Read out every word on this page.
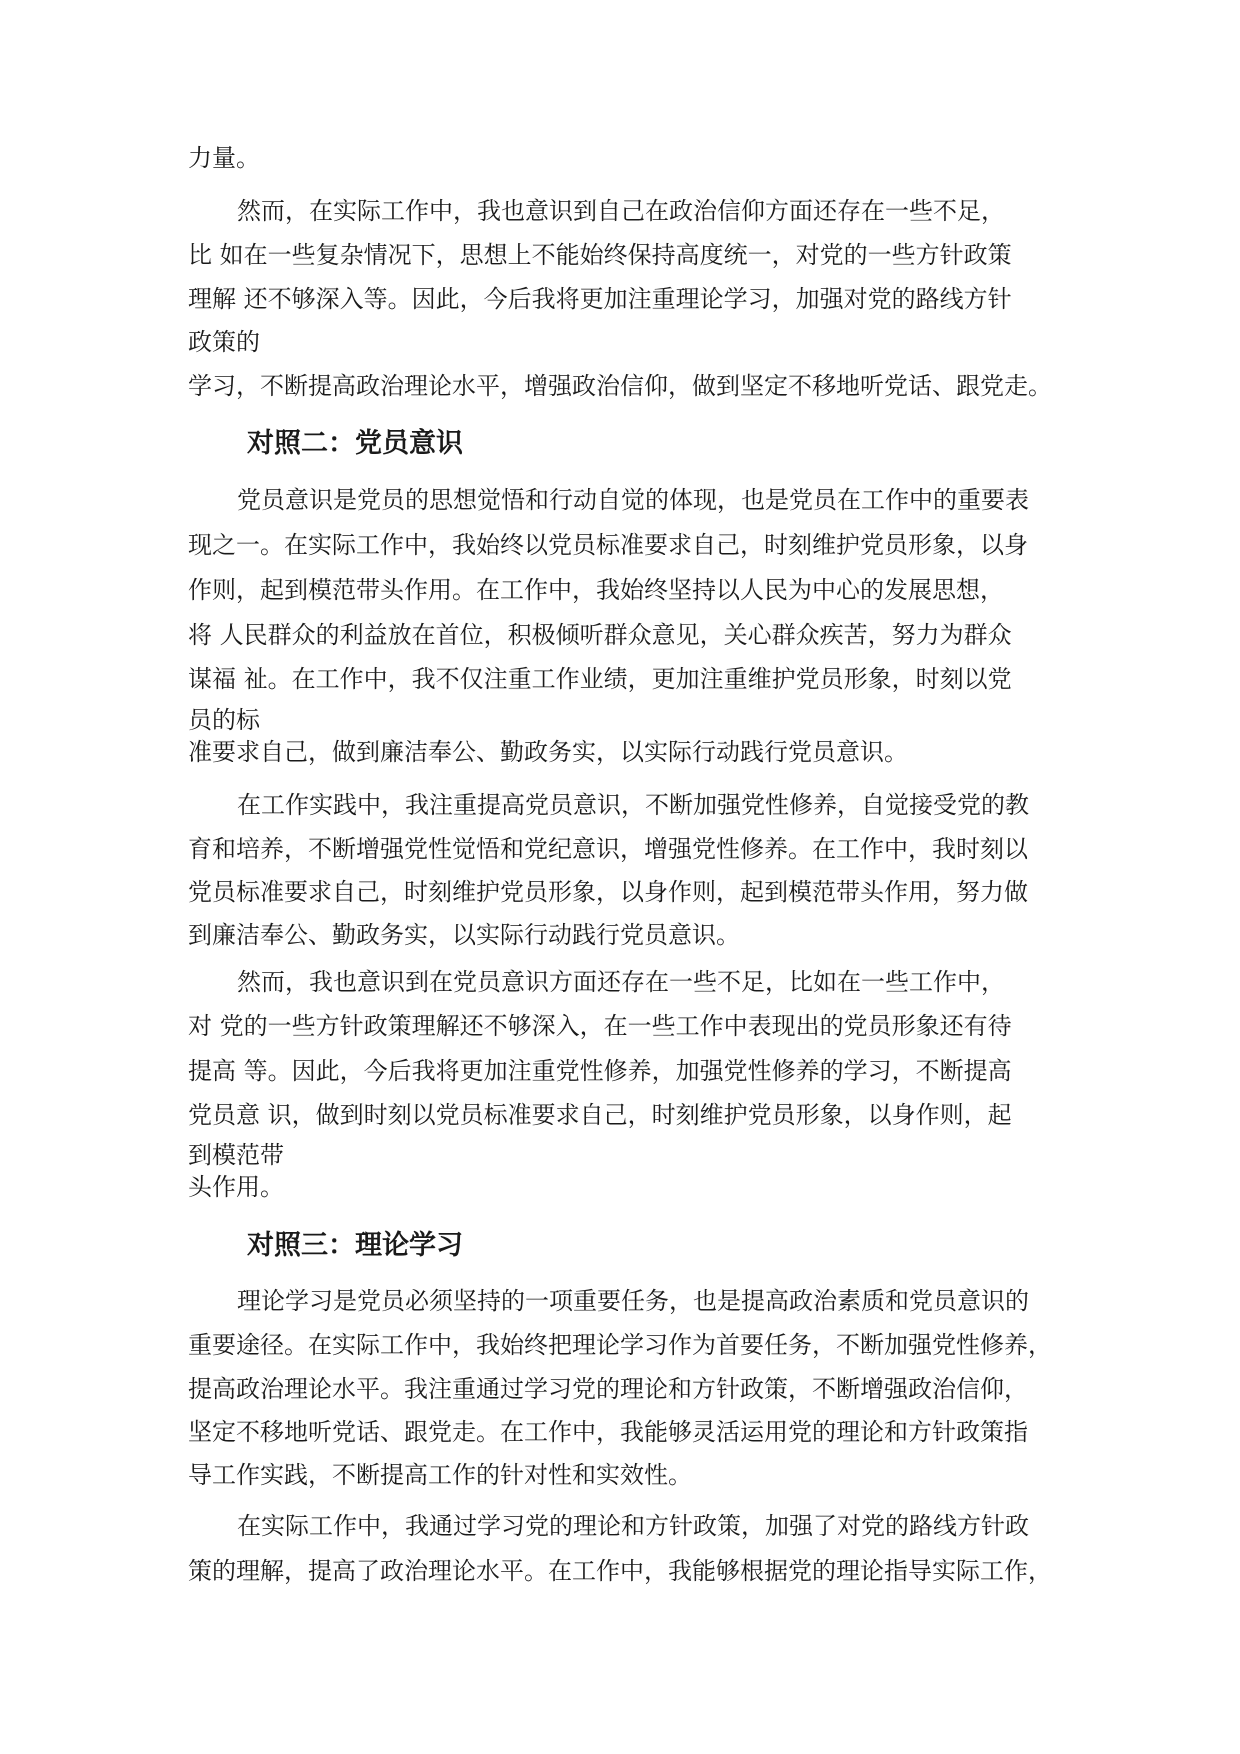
力量。
然而，在实际工作中，我也意识到自己在政治信仰方面还存在一些不足，
比 如在一些复杂情况下，思想上不能始终保持高度统一，对党的一些方针政策
理解 还不够深入等。因此，今后我将更加注重理论学习，加强对党的路线方针
政策的
学习，不断提高政治理论水平，增强政治信仰，做到坚定不移地听党话、跟党走。
对照二：党员意识
党员意识是党员的思想觉悟和行动自觉的体现，也是党员在工作中的重要表
现之一。在实际工作中，我始终以党员标准要求自己，时刻维护党员形象，以身
作则，起到模范带头作用。在工作中，我始终坚持以人民为中心的发展思想，
将 人民群众的利益放在首位，积极倾听群众意见，关心群众疾苦，努力为群众
谋福 祉。在工作中，我不仅注重工作业绩，更加注重维护党员形象，时刻以党
员的标
准要求自己，做到廉洁奉公、勤政务实，以实际行动践行党员意识。
在工作实践中，我注重提高党员意识，不断加强党性修养，自觉接受党的教
育和培养，不断增强党性觉悟和党纪意识，增强党性修养。在工作中，我时刻以
党员标准要求自己，时刻维护党员形象，以身作则，起到模范带头作用，努力做
到廉洁奉公、勤政务实，以实际行动践行党员意识。
然而，我也意识到在党员意识方面还存在一些不足，比如在一些工作中，
对 党的一些方针政策理解还不够深入，在一些工作中表现出的党员形象还有待
提高 等。因此，今后我将更加注重党性修养，加强党性修养的学习，不断提高
党员意 识，做到时刻以党员标准要求自己，时刻维护党员形象，以身作则，起
到模范带
头作用。
对照三：理论学习
理论学习是党员必须坚持的一项重要任务，也是提高政治素质和党员意识的
重要途径。在实际工作中，我始终把理论学习作为首要任务，不断加强党性修养，
提高政治理论水平。我注重通过学习党的理论和方针政策，不断增强政治信仰，
坚定不移地听党话、跟党走。在工作中，我能够灵活运用党的理论和方针政策指
导工作实践，不断提高工作的针对性和实效性。
在实际工作中，我通过学习党的理论和方针政策，加强了对党的路线方针政
策的理解，提高了政治理论水平。在工作中，我能够根据党的理论指导实际工作，
